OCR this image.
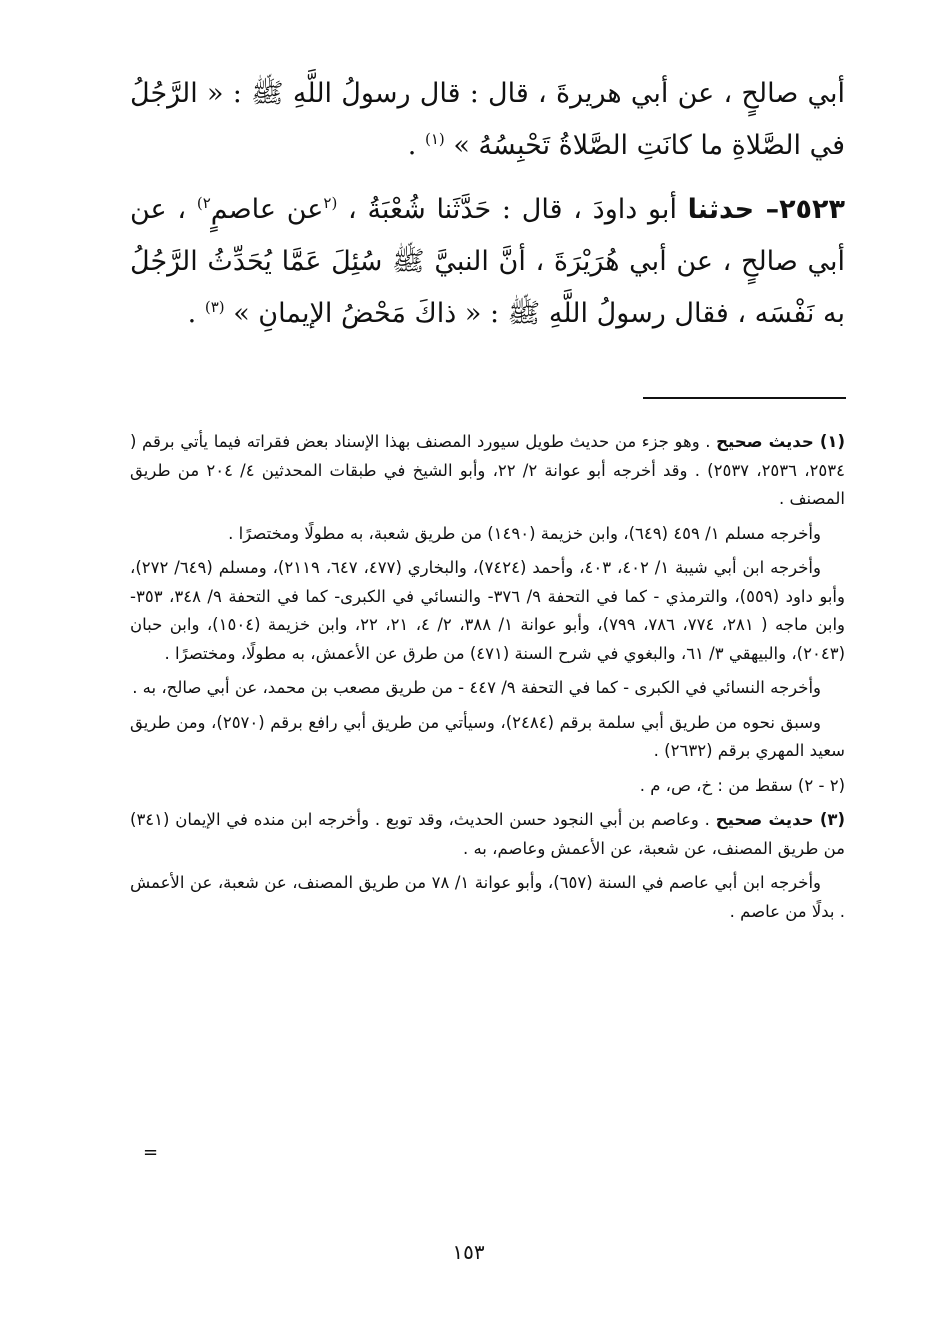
أبي صالحٍ ، عن أبي هريرةَ ، قال : قال رسولُ اللَّهِ ﷺ : « الرَّجُلُ في الصَّلاةِ ما كانَتِ الصَّلاةُ تَحْبِسُهُ » $^{(١)}$ .

٢٥٢٣– حدثنا أبو داودَ ، قال : حَدَّثَنا شُعْبَةُ ، $^{(٢}$عن عاصمٍ$^{٢)}$ ، عن أبي صالحٍ ، عن أبي هُرَيْرَةَ ، أنَّ النبيَّ ﷺ سُئِلَ عَمَّا يُحَدِّثُ الرَّجُلُ به نَفْسَه ، فقال رسولُ اللَّهِ ﷺ : « ذاكَ مَحْضُ الإيمانِ » $^{(٣)}$ .

(١) حديث صحيح . وهو جزء من حديث طويل سيورد المصنف بهذا الإسناد بعض فقراته فيما يأتي برقم ( ٢٥٣٤، ٢٥٣٦، ٢٥٣٧) . وقد أخرجه أبو عوانة ٢/ ٢٢، وأبو الشيخ في طبقات المحدثين ٤/ ٢٠٤ من طريق المصنف .

وأخرجه مسلم ١/ ٤٥٩ (٦٤٩)، وابن خزيمة (١٤٩٠) من طريق شعبة، به مطولًا ومختصرًا .

وأخرجه ابن أبي شيبة ١/ ٤٠٢، ٤٠٣، وأحمد (٧٤٢٤)، والبخاري (٤٧٧، ٦٤٧، ٢١١٩)، ومسلم (٦٤٩/ ٢٧٢)، وأبو داود (٥٥٩)، والترمذي - كما في التحفة ٩/ ٣٧٦- والنسائي في الكبرى- كما في التحفة ٩/ ٣٤٨، ٣٥٣- وابن ماجه ( ٢٨١، ٧٧٤، ٧٨٦، ٧٩٩)، وأبو عوانة ١/ ٣٨٨، ٢/ ٤، ٢١، ٢٢، وابن خزيمة (١٥٠٤)، وابن حبان (٢٠٤٣)، والبيهقي ٣/ ٦١، والبغوي في شرح السنة (٤٧١) من طرق عن الأعمش، به مطولًا، ومختصرًا .

وأخرجه النسائي في الكبرى - كما في التحفة ٩/ ٤٤٧ - من طريق مصعب بن محمد، عن أبي صالح، به .

وسبق نحوه من طريق أبي سلمة برقم (٢٤٨٤)، وسيأتي من طريق أبي رافع برقم (٢٥٧٠)، ومن طريق سعيد المهري برقم (٢٦٣٢) .

(٢ - ٢) سقط من : خ، ص، م .

(٣) حديث صحيح . وعاصم بن أبي النجود حسن الحديث، وقد توبع . وأخرجه ابن منده في الإيمان (٣٤١) من طريق المصنف، عن شعبة، عن الأعمش وعاصم، به .

وأخرجه ابن أبي عاصم في السنة (٦٥٧)، وأبو عوانة ١/ ٧٨ من طريق المصنف، عن شعبة، عن الأعمش . بدلًا من عاصم .

=
١٥٣
